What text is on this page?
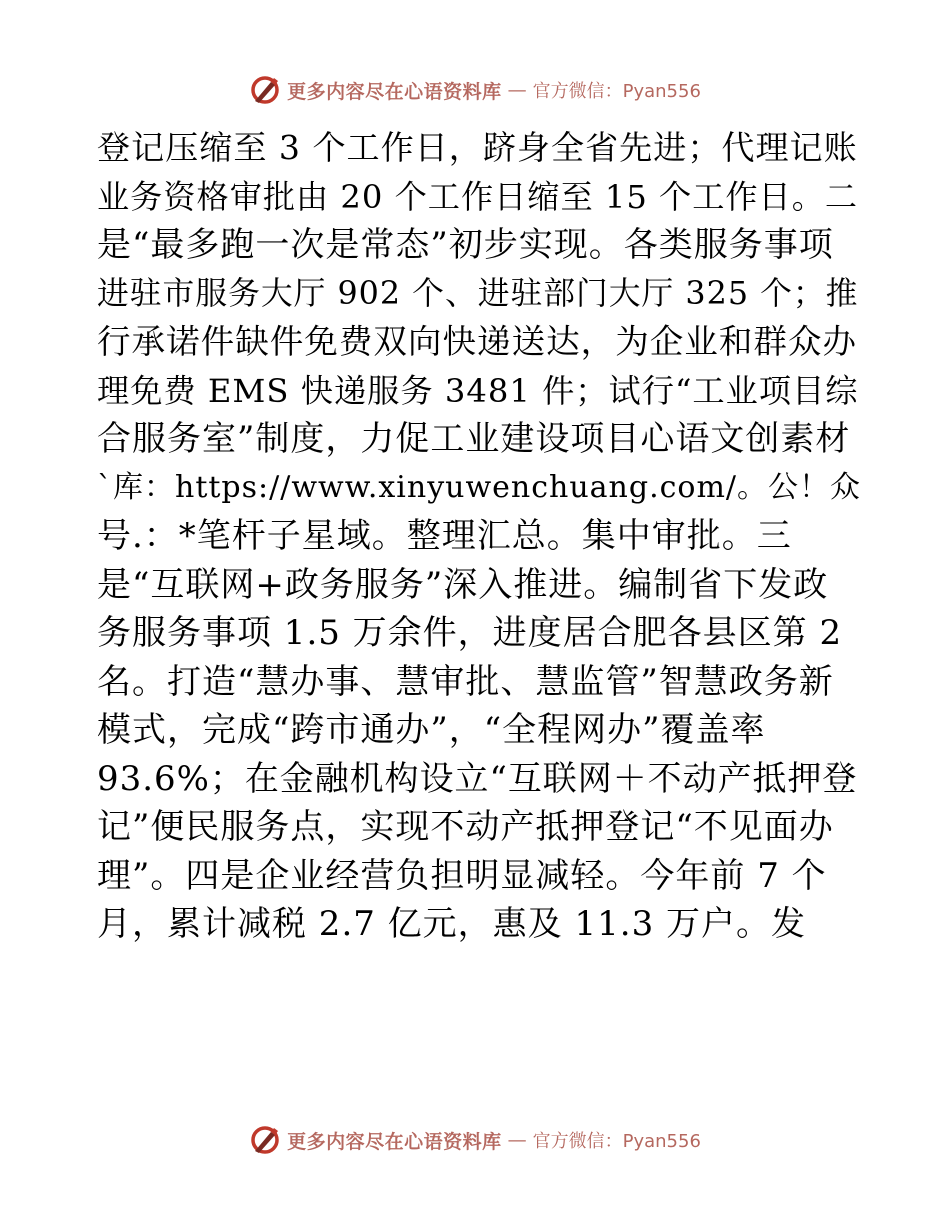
更多内容尽在心语资料库 — 官方微信：Pyan556
登记压缩至 3 个工作日，跻身全省先进；代理记账
业务资格审批由 20 个工作日缩至 15 个工作日。二
是“最多跑一次是常态”初步实现。各类服务事项
进驻市服务大厅 902 个、进驻部门大厅 325 个；推
行承诺件缺件免费双向快递送达，为企业和群众办
理免费 EMS 快递服务 3481 件；试行“工业项目综
合服务室”制度，力促工业建设项目心语文创素材
`库：https://www.xinyuwenchuang.com/。公！众
号.：*笔杆子星域。整理汇总。集中审批。三
是“互联网+政务服务”深入推进。编制省下发政
务服务事项 1.5 万余件，进度居合肥各县区第 2
名。打造“慧办事、慧审批、慧监管”智慧政务新
模式，完成“跨市通办”，“全程网办”覆盖率
93.6%；在金融机构设立“互联网＋不动产抵押登
记”便民服务点，实现不动产抵押登记“不见面办
理”。四是企业经营负担明显减轻。今年前 7 个
月，累计减税 2.7 亿元，惠及 11.3 万户。发
更多内容尽在心语资料库 — 官方微信：Pyan556
